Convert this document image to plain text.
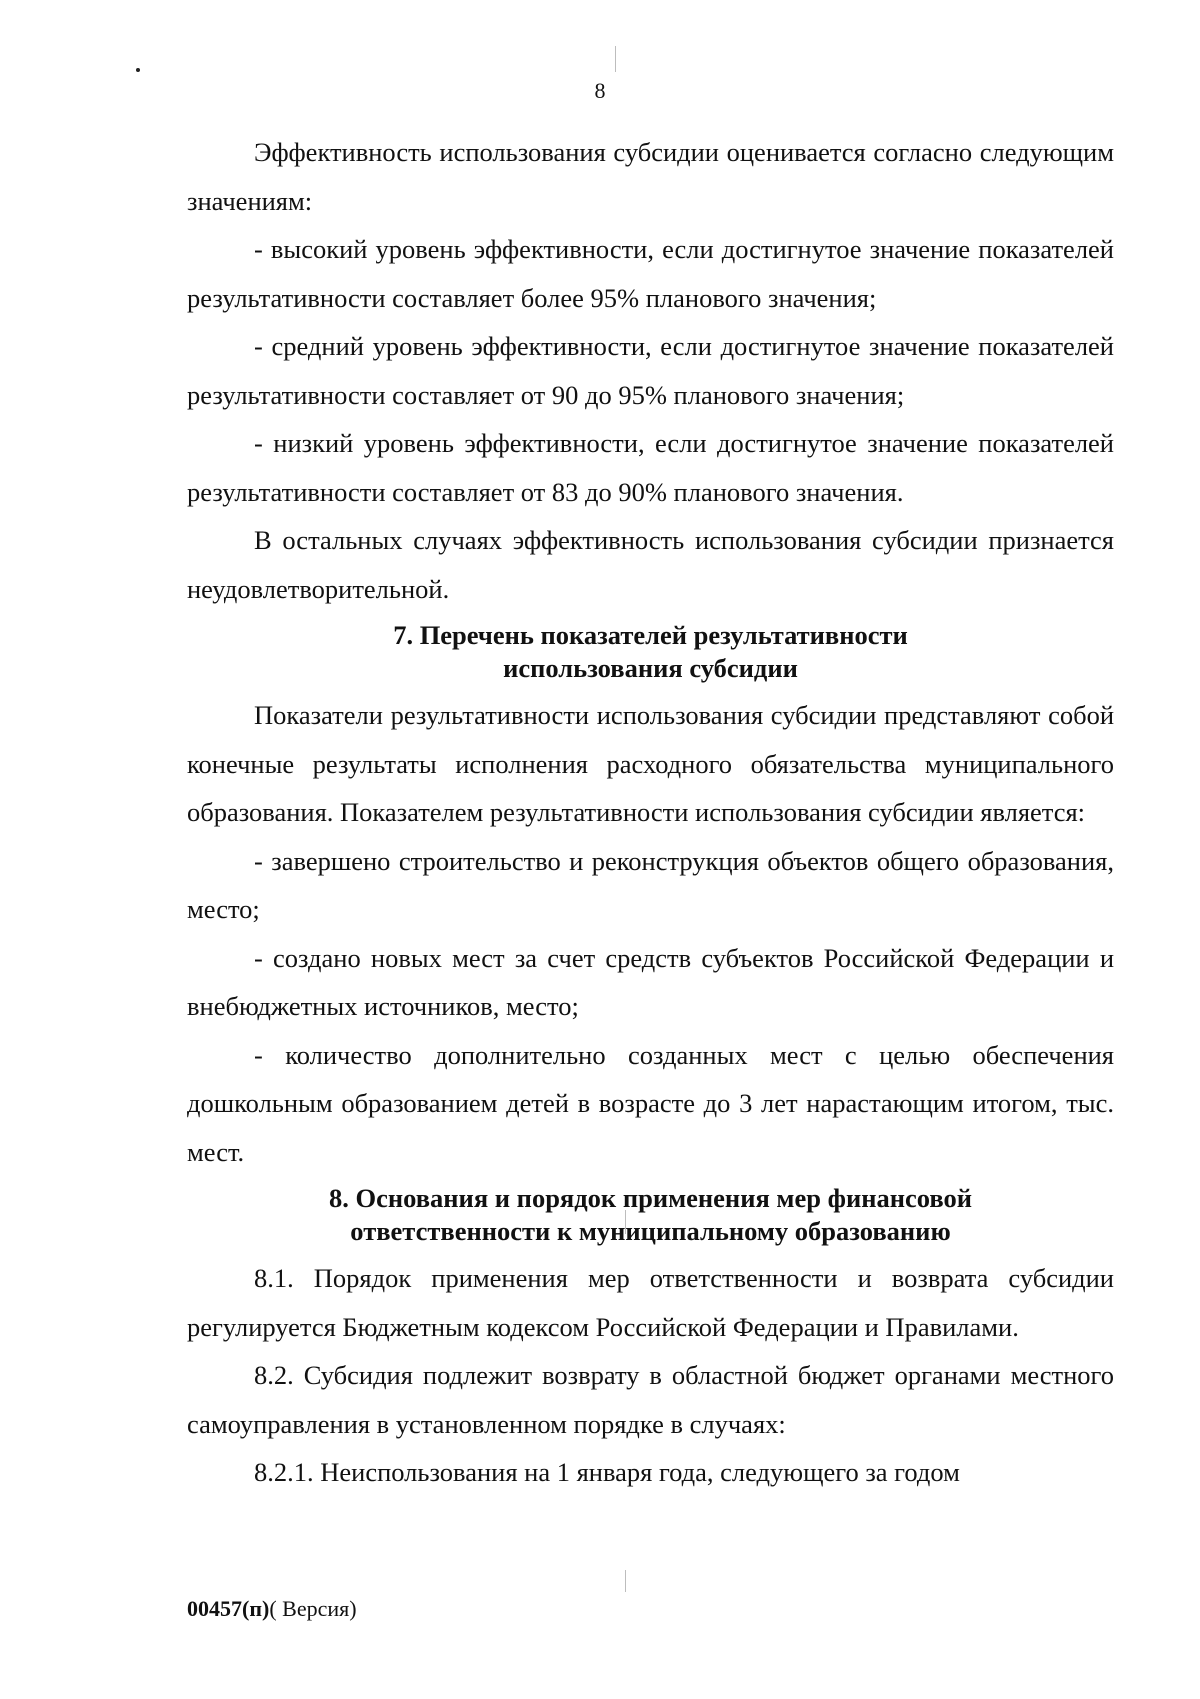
8

Эффективность использования субсидии оценивается согласно следующим значениям:

- высокий уровень эффективности, если достигнутое значение показателей результативности составляет более 95% планового значения;

- средний уровень эффективности, если достигнутое значение показателей результативности составляет от 90 до 95% планового значения;

- низкий уровень эффективности, если достигнутое значение показателей результативности составляет от 83 до 90% планового значения.

В остальных случаях эффективность использования субсидии признается неудовлетворительной.

7. Перечень показателей результативности
использования субсидии

Показатели результативности использования субсидии представляют собой конечные результаты исполнения расходного обязательства муниципального образования. Показателем результативности использования субсидии является:

- завершено строительство и реконструкция объектов общего образования, место;

- создано новых мест за счет средств субъектов Российской Федерации и внебюджетных источников, место;

- количество дополнительно созданных мест с целью обеспечения дошкольным образованием детей в возрасте до 3 лет нарастающим итогом, тыс. мест.

8. Основания и порядок применения мер финансовой
ответственности к муниципальному образованию

8.1. Порядок применения мер ответственности и возврата субсидии регулируется Бюджетным кодексом Российской Федерации и Правилами.

8.2. Субсидия подлежит возврату в областной бюджет органами местного самоуправления в установленном порядке в случаях:

8.2.1. Неиспользования на 1 января года, следующего за годом

00457(п)( Версия)
